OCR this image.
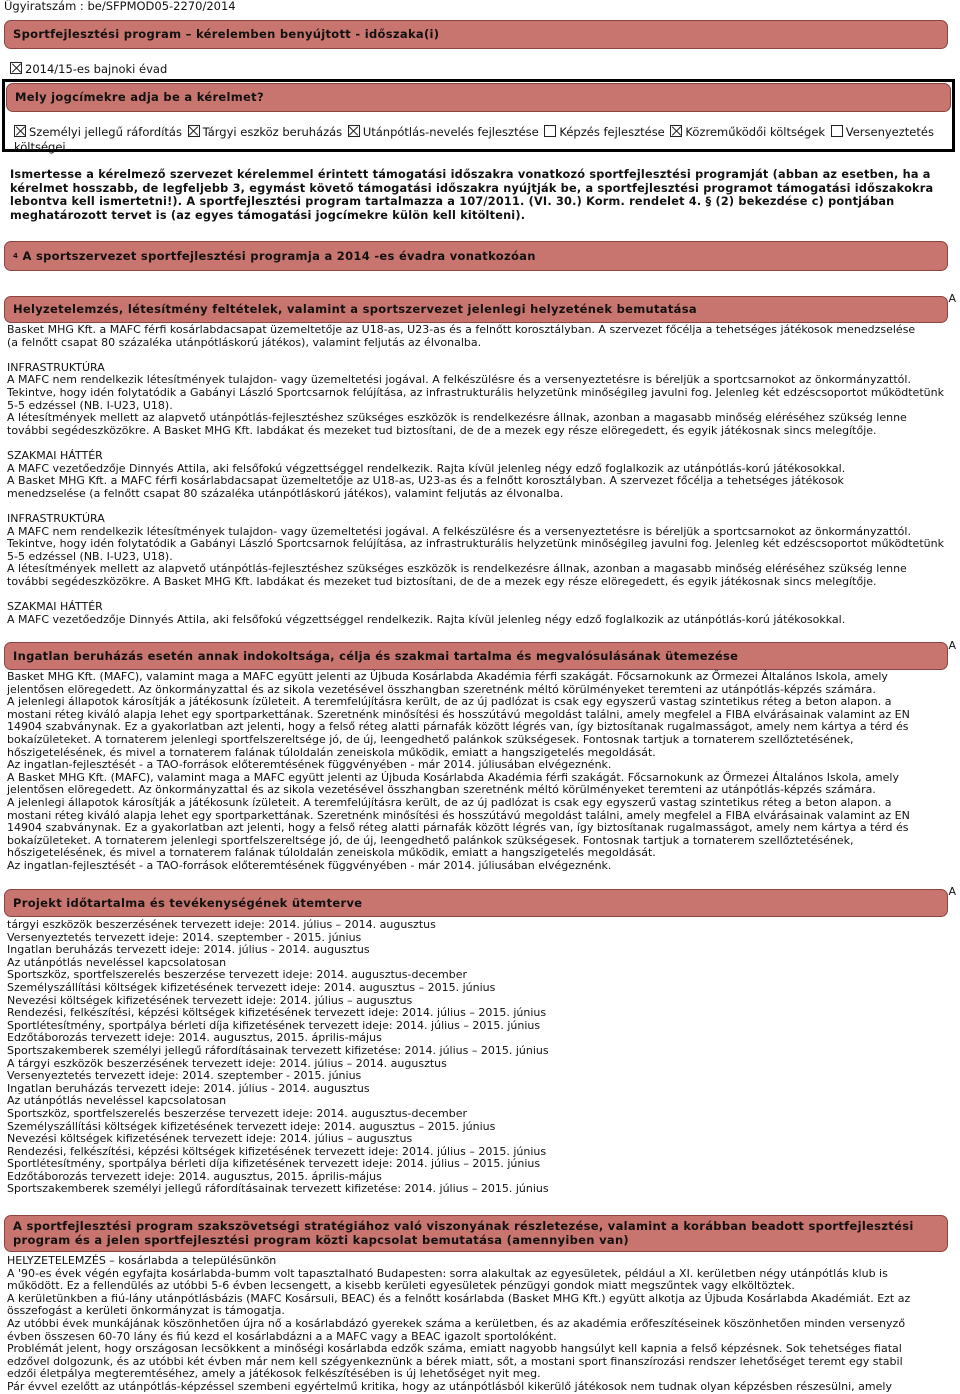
Ügyiratszám : be/SFPMOD05-2270/2014
Sportfejlesztési program – kérelemben benyújtott - időszaka(i)
2014/15-es bajnoki évad
Mely jogcímekre adja be a kérelmet?
Személyi jellegű ráfordítás Tárgyi eszköz beruházás Utánpótlás-nevelés fejlesztése Képzés fejlesztése Közreműködői költségek Versenyeztetés költségei
Ismertesse a kérelmező szervezet kérelemmel érintett támogatási időszakra vonatkozó sportfejlesztési programját (abban az esetben, ha a kérelmet hosszabb, de legfeljebb 3, egymást követő támogatási időszakra nyújtják be, a sportfejlesztési programot támogatási időszakokra lebontva kell ismertetni!). A sportfejlesztési program tartalmazza a 107/2011. (VI. 30.) Korm. rendelet 4. § (2) bekezdése c) pontjában meghatározott tervet is (az egyes támogatási jogcímekre külön kell kitölteni).
4
A sportszervezet sportfejlesztési programja a 2014 -es évadra vonatkozóan
Helyzetelemzés, létesítmény feltételek, valamint a sportszervezet jelenlegi helyzetének bemutatása
A
Basket MHG Kft. a MAFC férfi kosárlabdacsapat üzemeltetője az U18-as, U23-as és a felnőtt korosztályban. A szervezet főcélja a tehetséges játékosok menedzselése
(a felnőtt csapat 80 százaléka utánpótláskorú játékos), valamint feljutás az élvonalba.

INFRASTRUKTÚRA
A MAFC nem rendelkezik létesítmények tulajdon- vagy üzemeltetési jogával. A felkészülésre és a versenyeztetésre is béreljük a sportcsarnokot az önkormányzattól.
Tekintve, hogy idén folytatódik a Gabányi László Sportcsarnok felújítása, az infrastrukturális helyzetünk minőségileg javulni fog. Jelenleg két edzéscsoportot működtetünk
5-5 edzéssel (NB. I-U23, U18).
A létesítmények mellett az alapvető utánpótlás-fejlesztéshez szükséges eszközök is rendelkezésre állnak, azonban a magasabb minőség eléréséhez szükség lenne
további segédeszközökre. A Basket MHG Kft. labdákat és mezeket tud biztosítani, de de a mezek egy része elöregedett, és egyik játékosnak sincs melegítője.

SZAKMAI HÁTTÉR
A MAFC vezetőedzője Dinnyés Attila, aki felsőfokú végzettséggel rendelkezik. Rajta kívül jelenleg négy edző foglalkozik az utánpótlás-korú játékosokkal.
A Basket MHG Kft. a MAFC férfi kosárlabdacsapat üzemeltetője az U18-as, U23-as és a felnőtt korosztályban. A szervezet főcélja a tehetséges játékosok
menedzselése (a felnőtt csapat 80 százaléka utánpótláskorú játékos), valamint feljutás az élvonalba.

INFRASTRUKTÚRA
A MAFC nem rendelkezik létesítmények tulajdon- vagy üzemeltetési jogával. A felkészülésre és a versenyeztetésre is béreljük a sportcsarnokot az önkormányzattól.
Tekintve, hogy idén folytatódik a Gabányi László Sportcsarnok felújítása, az infrastrukturális helyzetünk minőségileg javulni fog. Jelenleg két edzéscsoportot működtetünk
5-5 edzéssel (NB. I-U23, U18).
A létesítmények mellett az alapvető utánpótlás-fejlesztéshez szükséges eszközök is rendelkezésre állnak, azonban a magasabb minőség eléréséhez szükség lenne
további segédeszközökre. A Basket MHG Kft. labdákat és mezeket tud biztosítani, de de a mezek egy része elöregedett, és egyik játékosnak sincs melegítője.

SZAKMAI HÁTTÉR
A MAFC vezetőedzője Dinnyés Attila, aki felsőfokú végzettséggel rendelkezik. Rajta kívül jelenleg négy edző foglalkozik az utánpótlás-korú játékosokkal.
Ingatlan beruházás esetén annak indokoltsága, célja és szakmai tartalma és megvalósulásának ütemezése
A
Basket MHG Kft. (MAFC), valamint maga a MAFC együtt jelenti az Újbuda Kosárlabda Akadémia férfi szakágát. Főcsarnokunk az Őrmezei Általános Iskola, amely
jelentősen elöregedett. Az önkormányzattal és az sikola vezetésével összhangban szeretnénk méltó körülményeket teremteni az utánpótlás-képzés számára.
A jelenlegi állapotok károsítják a játékosunk ízületeit. A teremfelújításra került, de az új padlózat is csak egy egyszerű vastag szintetikus réteg a beton alapon. a
mostani réteg kiváló alapja lehet egy sportparkettának. Szeretnénk minősítési és hosszútávú megoldást találni, amely megfelel a FIBA elvárásainak valamint az EN
14904 szabványnak. Ez a gyakorlatban azt jelenti, hogy a felső réteg alatti párnafák között légrés van, így biztosítanak rugalmasságot, amely nem kártya a térd és
bokaízületeket. A tornaterem jelenlegi sportfelszereltsége jó, de új, leengedhető palánkok szükségesek. Fontosnak tartjuk a tornaterem szellőztetésének,
hőszigetelésének, és mivel a tornaterem falának túloldalán zeneiskola működik, emiatt a hangszigetelés megoldását.
Az ingatlan-fejlesztését - a TAO-források előteremtésének függvényében - már 2014. júliusában elvégeznénk.
A Basket MHG Kft. (MAFC), valamint maga a MAFC együtt jelenti az Újbuda Kosárlabda Akadémia férfi szakágát. Főcsarnokunk az Őrmezei Általános Iskola, amely
jelentősen elöregedett. Az önkormányzattal és az sikola vezetésével összhangban szeretnénk méltó körülményeket teremteni az utánpótlás-képzés számára.
A jelenlegi állapotok károsítják a játékosunk ízületeit. A teremfelújításra került, de az új padlózat is csak egy egyszerű vastag szintetikus réteg a beton alapon. a
mostani réteg kiváló alapja lehet egy sportparkettának. Szeretnénk minősítési és hosszútávú megoldást találni, amely megfelel a FIBA elvárásainak valamint az EN
14904 szabványnak. Ez a gyakorlatban azt jelenti, hogy a felső réteg alatti párnafák között légrés van, így biztosítanak rugalmasságot, amely nem kártya a térd és
bokaízületeket. A tornaterem jelenlegi sportfelszereltsége jó, de új, leengedhető palánkok szükségesek. Fontosnak tartjuk a tornaterem szellőztetésének,
hőszigetelésének, és mivel a tornaterem falának túloldalán zeneiskola működik, emiatt a hangszigetelés megoldását.
Az ingatlan-fejlesztését - a TAO-források előteremtésének függvényében - már 2014. júliusában elvégeznénk.
Projekt időtartalma és tevékenységének ütemterve
A
tárgyi eszközök beszerzésének tervezett ideje: 2014. július – 2014. augusztus
Versenyeztetés tervezett ideje: 2014. szeptember - 2015. június
Ingatlan beruházás tervezett ideje: 2014. július - 2014. augusztus
Az utánpótlás neveléssel kapcsolatosan
Sportszköz, sportfelszerelés beszerzése tervezett ideje: 2014. augusztus-december
Személyszállítási költségek kifizetésének tervezett ideje: 2014. augusztus – 2015. június
Nevezési költségek kifizetésének tervezett ideje: 2014. július – augusztus
Rendezési, felkészítési, képzési költségek kifizetésének tervezett ideje: 2014. július – 2015. június
Sportlétesítmény, sportpálya bérleti díja kifizetésének tervezett ideje: 2014. július – 2015. június
Edzőtáborozás tervezett ideje: 2014. augusztus, 2015. április-május
Sportszakemberek személyi jellegű ráfordításainak tervezett kifizetése: 2014. július – 2015. június
A tárgyi eszközök beszerzésének tervezett ideje: 2014. július – 2014. augusztus
Versenyeztetés tervezett ideje: 2014. szeptember - 2015. június
Ingatlan beruházás tervezett ideje: 2014. július - 2014. augusztus
Az utánpótlás neveléssel kapcsolatosan
Sportszköz, sportfelszerelés beszerzése tervezett ideje: 2014. augusztus-december
Személyszállítási költségek kifizetésének tervezett ideje: 2014. augusztus – 2015. június
Nevezési költségek kifizetésének tervezett ideje: 2014. július – augusztus
Rendezési, felkészítési, képzési költségek kifizetésének tervezett ideje: 2014. július – 2015. június
Sportlétesítmény, sportpálya bérleti díja kifizetésének tervezett ideje: 2014. július – 2015. június
Edzőtáborozás tervezett ideje: 2014. augusztus, 2015. április-május
Sportszakemberek személyi jellegű ráfordításainak tervezett kifizetése: 2014. július – 2015. június
A sportfejlesztési program szakszövetségi stratégiához való viszonyának részletezése, valamint a korábban beadott sportfejlesztési program és a jelen sportfejlesztési program közti kapcsolat bemutatása (amennyiben van)
HELYZETELEMZÉS – kosárlabda a településünkön
A '90-es évek végén egyfajta kosárlabda-bumm volt tapasztalható Budapesten: sorra alakultak az egyesületek, például a XI. kerületben négy utánpótlás klub is
működött. Ez a fellendülés az utóbbi 5-6 évben lecsengett, a kisebb kerületi egyesületek pénzügyi gondok miatt megszűntek vagy elköltöztek.
A kerületünkben a fiú-lány utánpótlásbázis (MAFC Kosársuli, BEAC) és a felnőtt kosárlabda (Basket MHG Kft.) együtt alkotja az Újbuda Kosárlabda Akadémiát. Ezt az
összefogást a kerületi önkormányzat is támogatja.
Az utóbbi évek munkájának köszönhetően újra nő a kosárlabdázó gyerekek száma a kerületben, és az akadémia erőfeszítéseinek köszönhetően minden versenyző
évben összesen 60-70 lány és fiú kezd el kosárlabdázni a a MAFC vagy a BEAC igazolt sportolóként.
Problémát jelent, hogy országosan lecsökkent a minőségi kosárlabda edzők száma, emiatt nagyobb hangsúlyt kell kapnia a felső képzésnek. Sok tehetséges fiatal
edzővel dolgozunk, és az utóbbi két évben már nem kell szégyenkeznünk a bérek miatt, sőt, a mostani sport finanszírozási rendszer lehetőséget teremt egy stabil
edzői életpálya megteremtéséhez, amely a játékosok felkészítésében is új lehetőséget nyit meg.
Pár évvel ezelőtt az utánpótlás-képzéssel szembeni egyértelmű kritika, hogy az utánpótlásból kikerülő játékosok nem tudnak olyan képzésben részesülni, amely
